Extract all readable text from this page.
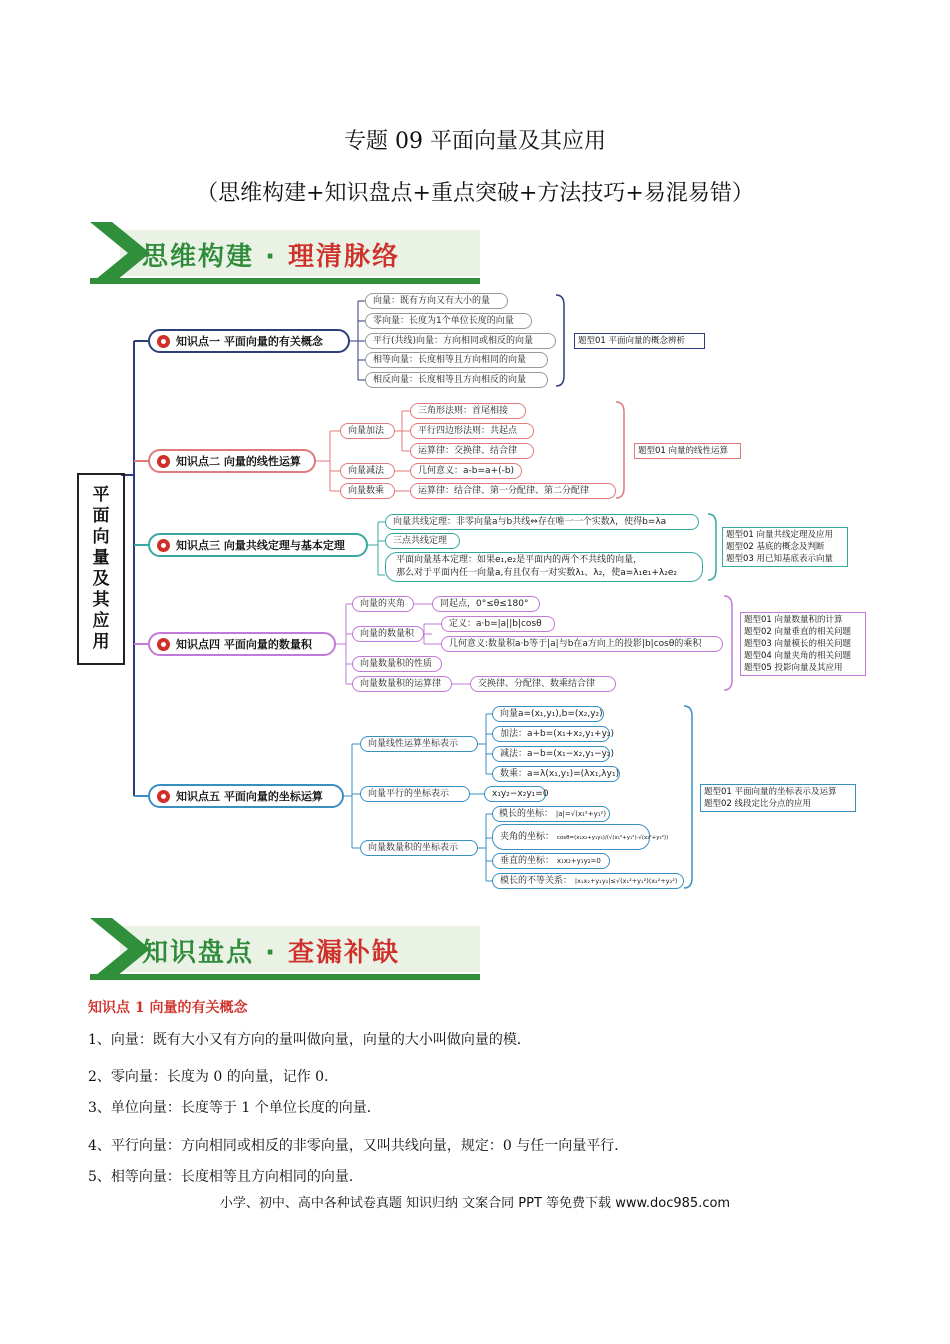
专题 09 平面向量及其应用
（思维构建+知识盘点+重点突破+方法技巧+易混易错）
思维构建 · 理清脉络
平
面
向
量
及
其
应
用
知识点一 平面向量的有关概念
向量：既有方向又有大小的量
零向量：长度为1个单位长度的向量
平行(共线)向量：方向相同或相反的向量
相等向量：长度相等且方向相同的向量
相反向量：长度相等且方向相反的向量
题型01 平面向量的概念辨析
知识点二 向量的线性运算
向量加法
向量减法
向量数乘
三角形法则：首尾相接
平行四边形法则：共起点
运算律：交换律、结合律
几何意义：a-b=a+(-b)
运算律：结合律、第一分配律、第二分配律
题型01 向量的线性运算
知识点三 向量共线定理与基本定理
向量共线定理：非零向量a与b共线⇔存在唯一一个实数λ，使得b=λa
三点共线定理
平面向量基本定理：如果e₁,e₂是平面内的两个不共线的向量，
那么对于平面内任一向量a,有且仅有一对实数λ₁、λ₂，使a=λ₁e₁+λ₂e₂
题型01 向量共线定理及应用
题型02 基底的概念及判断
题型03 用已知基底表示向量
知识点四 平面向量的数量积
向量的夹角
向量的数量积
向量数量积的性质
向量数量积的运算律
同起点，0°≤θ≤180°
定义：a·b=|a||b|cosθ
几何意义:数量积a·b等于|a|与b在a方向上的投影|b|cosθ的乘积
交换律、分配律、数乘结合律
题型01 向量数量积的计算
题型02 向量垂直的相关问题
题型03 向量模长的相关问题
题型04 向量夹角的相关问题
题型05 投影向量及其应用
知识点五 平面向量的坐标运算
向量线性运算坐标表示
向量平行的坐标表示
向量数量积的坐标表示
向量a=(x₁,y₁),b=(x₂,y₂)
加法：a+b=(x₁+x₂,y₁+y₂)
减法：a−b=(x₁−x₂,y₁−y₂)
数乘：a=λ(x₁,y₁)=(λx₁,λy₁)
x₁y₂−x₂y₁=0
模长的坐标： |a|=√(x₁²+y₁²)
夹角的坐标： cosθ=(x₁x₂+y₁y₂)/(√(x₁²+y₁²)·√(x₂²+y₂²))
垂直的坐标： x₁x₂+y₁y₂=0
模长的不等关系： |x₁x₂+y₁y₂|≤√(x₁²+y₁²)(x₂²+y₂²)
题型01 平面向量的坐标表示及运算
题型02 线段定比分点的应用
知识盘点 · 查漏补缺
知识点 1 向量的有关概念
1、向量：既有大小又有方向的量叫做向量，向量的大小叫做向量的模．
2、零向量：长度为 0 的向量，记作 0．
3、单位向量：长度等于 1 个单位长度的向量．
4、平行向量：方向相同或相反的非零向量，又叫共线向量，规定：0 与任一向量平行．
5、相等向量：长度相等且方向相同的向量．
小学、初中、高中各种试卷真题 知识归纳 文案合同 PPT 等免费下载 www.doc985.com
